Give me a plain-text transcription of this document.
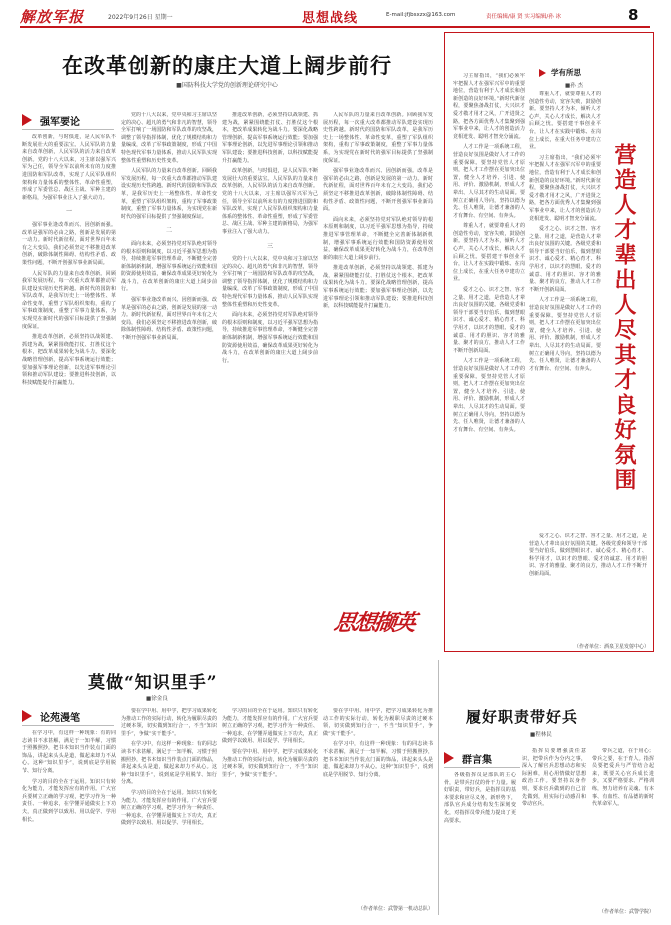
解放军报	2022年9月26日 星期一	思想战线	E-mail:jfjbsxzx@163.com	责任编辑/康 贤 实习编辑/孙 冰	8
在改革创新的康庄大道上阔步前行
■国防科技大学党的创新理论研究中心
强军要论

改革创新，与时俱进，是人民军队不断发展壮大的重要法宝。人民军队的力量来自改革创新，人民军队的活力来自改革创新。党的十八大以来，习主席以强军兴军为己任，领导全军以前所未有的力度推进国防和军队改革，实现了人民军队组织架构和力量体系的整体性、革命性重塑，形成了军委管总、战区主战、军种主建的新格局，为强军事业注入了强大动力。

一

强军事业逢改革而兴、因创新而强。改革是强军的必由之路，创新是发展的第一动力。新时代新征程，面对世界百年未有之大变局，我们必须坚定不移推进改革创新，破除体制性障碍、结构性矛盾、政策性问题，不断开创强军事业新局面。

人民军队的力量来自改革创新。回顾我军发展历程，每一次重大改革都推动军队建设实现历史性跨越。新时代的国防和军队改革，是我军历史上一场整体性、革命性变革，重塑了军队组织架构，重构了军事政策制度，重整了军事力量体系，为实现党在新时代的强军目标提供了坚强制度保证。

推进改革创新，必须坚持以战领建、抓建为战，紧紧围绕能打仗、打胜仗这个根本，把改革成果转化为战斗力。要深化战略管理创新，提高军事系统运行效能；要加强军事理论创新，以先进军事理论引领和推动军队建设；要推进科技创新，以科技赋能提升打赢能力。

党的十八大以来，党中央和习主席以坚定的决心、超凡的勇气和非凡的智慧，领导全军打响了一场国防和军队改革的攻坚战，调整了领导指挥体制，优化了规模结构和力量编成，改革了军事政策制度，形成了中国特色现代军事力量体系，推动人民军队实现整体性重塑和历史性变革。

人民军队的力量来自改革创新。回顾我军发展历程，每一次重大改革都推动军队建设实现历史性跨越。新时代的国防和军队改革，是我军历史上一场整体性、革命性变革，重塑了军队组织架构，重构了军事政策制度，重整了军事力量体系，为实现党在新时代的强军目标提供了坚强制度保证。

二

面向未来，必须坚持党对军队绝对领导的根本原则和制度，以习近平强军思想为指导，持续推进军事管理革命，不断健全完善新体制新机制，增强军事系统运行效能和国防资源使用效益，确保改革成果更好转化为战斗力，在改革创新的康庄大道上阔步前行。

强军事业逢改革而兴、因创新而强。改革是强军的必由之路，创新是发展的第一动力。新时代新征程，面对世界百年未有之大变局，我们必须坚定不移推进改革创新，破除体制性障碍、结构性矛盾、政策性问题，不断开创强军事业新局面。

推进改革创新，必须坚持以战领建、抓建为战，紧紧围绕能打仗、打胜仗这个根本，把改革成果转化为战斗力。要深化战略管理创新，提高军事系统运行效能；要加强军事理论创新，以先进军事理论引领和推动军队建设；要推进科技创新，以科技赋能提升打赢能力。

改革创新，与时俱进，是人民军队不断发展壮大的重要法宝。人民军队的力量来自改革创新，人民军队的活力来自改革创新。党的十八大以来，习主席以强军兴军为己任，领导全军以前所未有的力度推进国防和军队改革，实现了人民军队组织架构和力量体系的整体性、革命性重塑，形成了军委管总、战区主战、军种主建的新格局，为强军事业注入了强大动力。

三

党的十八大以来，党中央和习主席以坚定的决心、超凡的勇气和非凡的智慧，领导全军打响了一场国防和军队改革的攻坚战，调整了领导指挥体制，优化了规模结构和力量编成，改革了军事政策制度，形成了中国特色现代军事力量体系，推动人民军队实现整体性重塑和历史性变革。

面向未来，必须坚持党对军队绝对领导的根本原则和制度，以习近平强军思想为指导，持续推进军事管理革命，不断健全完善新体制新机制，增强军事系统运行效能和国防资源使用效益，确保改革成果更好转化为战斗力，在改革创新的康庄大道上阔步前行。

人民军队的力量来自改革创新。回顾我军发展历程，每一次重大改革都推动军队建设实现历史性跨越。新时代的国防和军队改革，是我军历史上一场整体性、革命性变革，重塑了军队组织架构，重构了军事政策制度，重整了军事力量体系，为实现党在新时代的强军目标提供了坚强制度保证。

强军事业逢改革而兴、因创新而强。改革是强军的必由之路，创新是发展的第一动力。新时代新征程，面对世界百年未有之大变局，我们必须坚定不移推进改革创新，破除体制性障碍、结构性矛盾、政策性问题，不断开创强军事业新局面。

面向未来，必须坚持党对军队绝对领导的根本原则和制度，以习近平强军思想为指导，持续推进军事管理革命，不断健全完善新体制新机制，增强军事系统运行效能和国防资源使用效益，确保改革成果更好转化为战斗力，在改革创新的康庄大道上阔步前行。

推进改革创新，必须坚持以战领建、抓建为战，紧紧围绕能打仗、打胜仗这个根本，把改革成果转化为战斗力。要深化战略管理创新，提高军事系统运行效能；要加强军事理论创新，以先进军事理论引领和推动军队建设；要推进科技创新，以科技赋能提升打赢能力。

学有所思
■孙 杰
营造人才辈出人尽其才良好氛围

习主席指出，“我们必须牢牢把握人才在强军兴军中的重要地位，营造有利于人才成长和创新创造的良好环境。”新时代新征程，要聚焦备战打仗，大兴识才爱才敬才用才之风，广开进贤之路，把各方面优秀人才集聚到强军事业中来，让人才的创造活力竞相迸发、聪明才智充分涌流。

人才工作是一项系统工程，营造良好氛围是做好人才工作的重要保障。要坚持党管人才原则，把人才工作摆在更加突出位置，健全人才培养、引进、使用、评价、激励机制，形成人才辈出、人尽其才的生动局面。要树立正确用人导向，坚持以德为先、任人唯贤，让德才兼备的人才有舞台、有空间、有奔头。

尊重人才，就要尊重人才的创造性劳动，宽容失败，鼓励创新。要坚持人才为本，倾听人才心声，关心人才成长，解决人才后顾之忧。要搭建干事创业平台，让人才在实践中锻炼、在岗位上成长，在重大任务中建功立业。

爱才之心、识才之智、容才之量、用才之道，是营造人才辈出良好氛围的关键。各级党委和领导干部要当好伯乐，做到慧眼识才、诚心爱才、精心育才、科学用才，以识才的慧眼、爱才的诚意、用才的胆识、容才的雅量、聚才的良方，推动人才工作不断开创新局面。

人才工作是一项系统工程，营造良好氛围是做好人才工作的重要保障。要坚持党管人才原则，把人才工作摆在更加突出位置，健全人才培养、引进、使用、评价、激励机制，形成人才辈出、人尽其才的生动局面。要树立正确用人导向，坚持以德为先、任人唯贤，让德才兼备的人才有舞台、有空间、有奔头。

尊重人才，就要尊重人才的创造性劳动，宽容失败，鼓励创新。要坚持人才为本，倾听人才心声，关心人才成长，解决人才后顾之忧。要搭建干事创业平台，让人才在实践中锻炼、在岗位上成长，在重大任务中建功立业。

习主席指出，“我们必须牢牢把握人才在强军兴军中的重要地位，营造有利于人才成长和创新创造的良好环境。”新时代新征程，要聚焦备战打仗，大兴识才爱才敬才用才之风，广开进贤之路，把各方面优秀人才集聚到强军事业中来，让人才的创造活力竞相迸发、聪明才智充分涌流。

爱才之心、识才之智、容才之量、用才之道，是营造人才辈出良好氛围的关键。各级党委和领导干部要当好伯乐，做到慧眼识才、诚心爱才、精心育才、科学用才，以识才的慧眼、爱才的诚意、用才的胆识、容才的雅量、聚才的良方，推动人才工作不断开创新局面。

人才工作是一项系统工程，营造良好氛围是做好人才工作的重要保障。要坚持党管人才原则，把人才工作摆在更加突出位置，健全人才培养、引进、使用、评价、激励机制，形成人才辈出、人尽其才的生动局面。要树立正确用人导向，坚持以德为先、任人唯贤，让德才兼备的人才有舞台、有空间、有奔头。

爱才之心、识才之智、容才之量、用才之道，是营造人才辈出良好氛围的关键。各级党委和领导干部要当好伯乐，做到慧眼识才、诚心爱才、精心育才、科学用才，以识才的慧眼、爱才的诚意、用才的胆识、容才的雅量、聚才的良方，推动人才工作不断开创新局面。

（作者单位：酒泉卫星发射中心）
思想撷英
莫做“知识里手”
■徐金良
论苑漫笔

在学习中，有这样一种现象：有的同志读书不求甚解，满足于一知半解，习惯于照搬照抄，把书本知识当作装点门面的饰品，讲起来头头是道，做起来却力不从心。这种“知识里手”，说到底是学用脱节、知行分离。

学习的目的全在于运用。知识只有转化为能力，才能发挥应有的作用。广大官兵要树立正确的学习观，把学习作为一种责任、一种追求，在学懂弄通做实上下功夫，真正做到学以致用、用以促学、学用相长。

要在学中用、用中学，把学习成果转化为推动工作的实际行动，转化为履职尽责的过硬本领，切实做到知行合一，不当“知识里手”，争做“实干能手”。

在学习中，有这样一种现象：有的同志读书不求甚解，满足于一知半解，习惯于照搬照抄，把书本知识当作装点门面的饰品，讲起来头头是道，做起来却力不从心。这种“知识里手”，说到底是学用脱节、知行分离。

学习的目的全在于运用。知识只有转化为能力，才能发挥应有的作用。广大官兵要树立正确的学习观，把学习作为一种责任、一种追求，在学懂弄通做实上下功夫，真正做到学以致用、用以促学、学用相长。

学习的目的全在于运用。知识只有转化为能力，才能发挥应有的作用。广大官兵要树立正确的学习观，把学习作为一种责任、一种追求，在学懂弄通做实上下功夫，真正做到学以致用、用以促学、学用相长。

要在学中用、用中学，把学习成果转化为推动工作的实际行动，转化为履职尽责的过硬本领，切实做到知行合一，不当“知识里手”，争做“实干能手”。

要在学中用、用中学，把学习成果转化为推动工作的实际行动，转化为履职尽责的过硬本领，切实做到知行合一，不当“知识里手”，争做“实干能手”。

在学习中，有这样一种现象：有的同志读书不求甚解，满足于一知半解，习惯于照搬照抄，把书本知识当作装点门面的饰品，讲起来头头是道，做起来却力不从心。这种“知识里手”，说到底是学用脱节、知行分离。

（作者单位：武警第一机动总队）
履好职责带好兵
■程林民
群言集

各级指挥员是部队的主心骨，是带兵打仗的骨干力量。履好职责，带好兵，是指挥员的基本要求和应尽义务。新形势下，部队官兵成分结构发生深刻变化，对指挥员带兵能力提出了更高要求。

指挥员要增强责任意识，把带兵作为分内之事，深入了解官兵思想动态和实际困难，用心用情做好思想政治工作。要坚持以身作则，要求官兵做到的自己首先做到，用实际行动感召和带动官兵。

带兵之道，在于用心；带兵之要，在于育人。指挥员要把爱兵与严管结合起来，既要关心官兵成长进步，又要严格要求、严格训练，努力培养有灵魂、有本事、有血性、有品德的新时代革命军人。

（作者单位：武警学院）
